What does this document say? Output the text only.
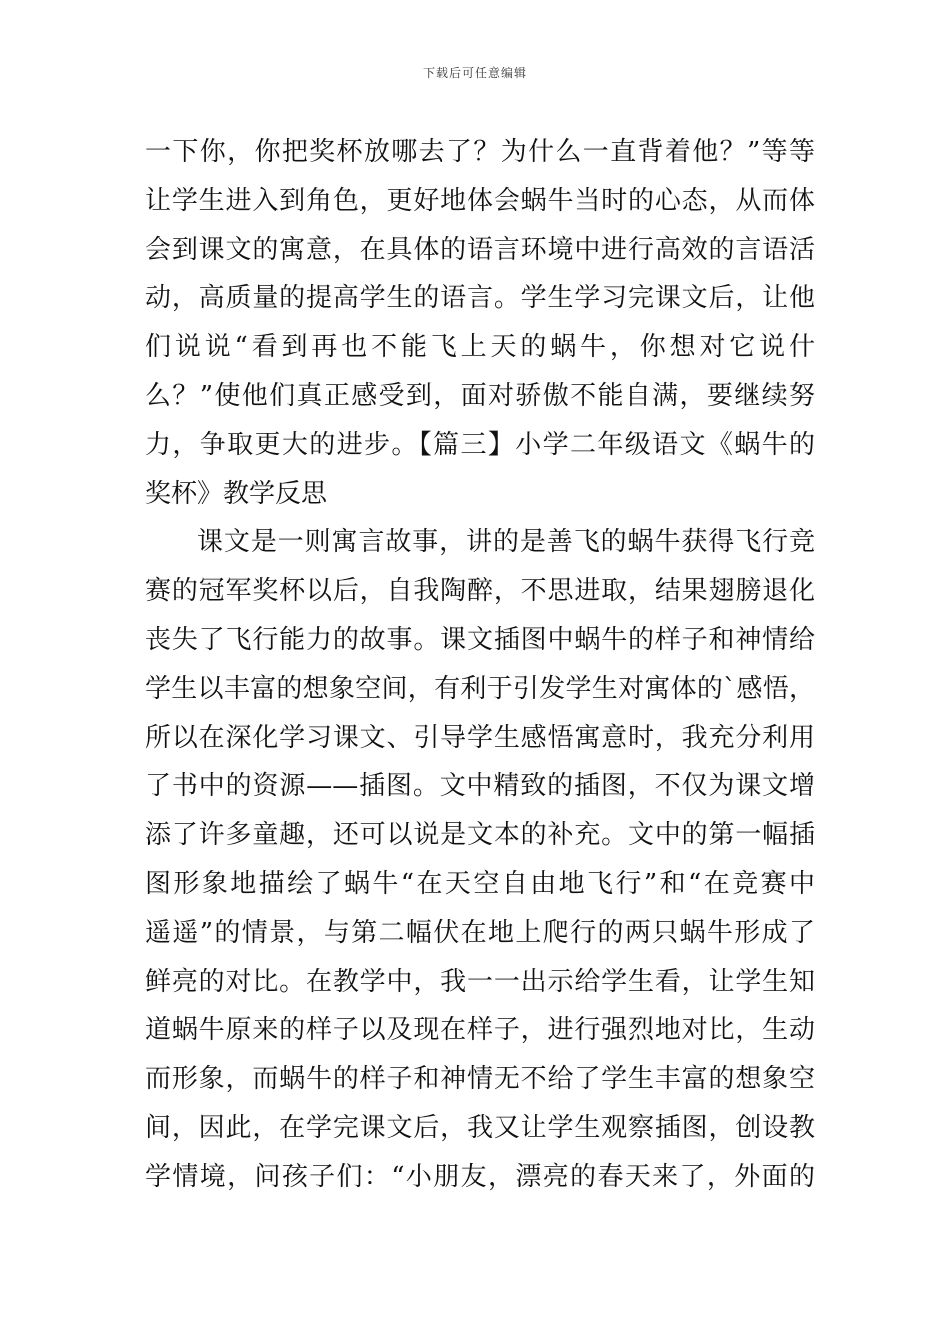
下载后可任意编辑
一下你，你把奖杯放哪去了？为什么一直背着他？”等等
让学生进入到角色，更好地体会蜗牛当时的心态，从而体
会到课文的寓意，在具体的语言环境中进行高效的言语活
动，高质量的提高学生的语言。学生学习完课文后，让他
们说说“看到再也不能飞上天的蜗牛，你想对它说什
么？”使他们真正感受到，面对骄傲不能自满，要继续努
力，争取更大的进步。【篇三】小学二年级语文《蜗牛的
奖杯》教学反思
课文是一则寓言故事，讲的是善飞的蜗牛获得飞行竞
赛的冠军奖杯以后，自我陶醉，不思进取，结果翅膀退化
丧失了飞行能力的故事。课文插图中蜗牛的样子和神情给
学生以丰富的想象空间，有利于引发学生对寓体的`感悟，
所以在深化学习课文、引导学生感悟寓意时，我充分利用
了书中的资源——插图。文中精致的插图，不仅为课文增
添了许多童趣，还可以说是文本的补充。文中的第一幅插
图形象地描绘了蜗牛“在天空自由地飞行”和“在竞赛中
遥遥”的情景，与第二幅伏在地上爬行的两只蜗牛形成了
鲜亮的对比。在教学中，我一一出示给学生看，让学生知
道蜗牛原来的样子以及现在样子，进行强烈地对比，生动
而形象，而蜗牛的样子和神情无不给了学生丰富的想象空
间，因此，在学完课文后，我又让学生观察插图，创设教
学情境，问孩子们：“小朋友，漂亮的春天来了，外面的
